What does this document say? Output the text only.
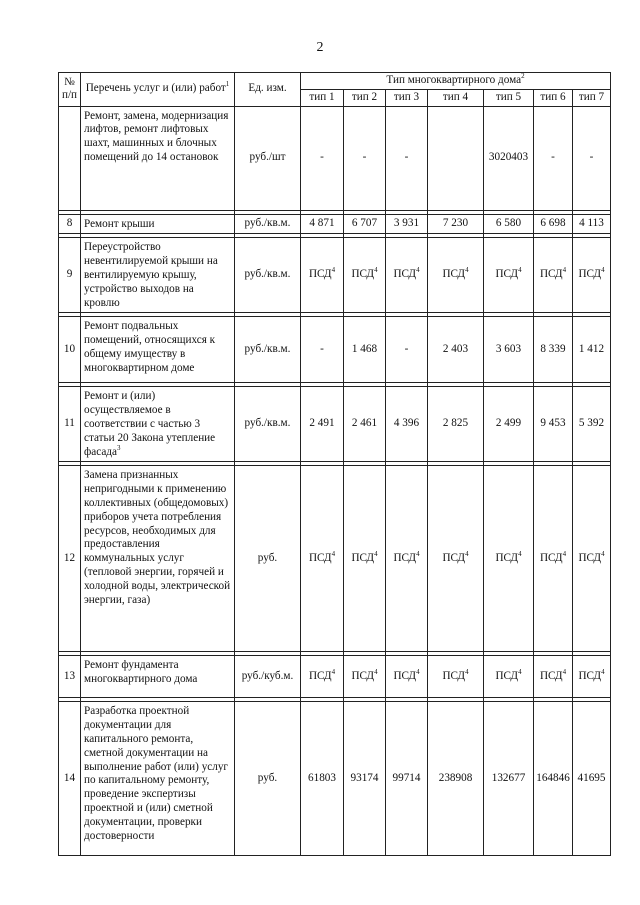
2
№ п/п	Перечень услуг и (или) работ$^1$	Ед. изм.	Тип многоквартирного дома$^2$
			тип 1	тип 2	тип 3	тип 4	тип 5	тип 6	тип 7
	Ремонт, замена, модернизация лифтов, ремонт лифтовых шахт, машинных и блочных помещений до 14 остановок	руб./шт	-	-	-		3020403	-	-

8	Ремонт крыши	руб./кв.м.	4 871	6 707	3 931	7 230	6 580	6 698	4 113

9	Переустройство невентилируемой крыши на вентилируемую крышу, устройство выходов на кровлю	руб./кв.м.	ПСД$^4$	ПСД$^4$	ПСД$^4$	ПСД$^4$	ПСД$^4$	ПСД$^4$	ПСД$^4$

10	Ремонт подвальных помещений, относящихся к общему имуществу в многоквартирном доме	руб./кв.м.	-	1 468	-	2 403	3 603	8 339	1 412

11	Ремонт и (или) осуществляемое в соответствии с частью 3 статьи 20 Закона утепление фасада$^3$	руб./кв.м.	2 491	2 461	4 396	2 825	2 499	9 453	5 392

12	Замена признанных непригодными к применению коллективных (общедомовых) приборов учета потребления ресурсов, необходимых для предоставления коммунальных услуг (тепловой энергии, горячей и холодной воды, электрической энергии, газа)	руб.	ПСД$^4$	ПСД$^4$	ПСД$^4$	ПСД$^4$	ПСД$^4$	ПСД$^4$	ПСД$^4$

13	Ремонт фундамента многоквартирного дома	руб./куб.м.	ПСД$^4$	ПСД$^4$	ПСД$^4$	ПСД$^4$	ПСД$^4$	ПСД$^4$	ПСД$^4$

14	Разработка проектной документации для капитального ремонта, сметной документации на выполнение работ (или) услуг по капитальному ремонту, проведение экспертизы проектной и (или) сметной документации, проверки достоверности	руб.	61803	93174	99714	238908	132677	164846	41695
